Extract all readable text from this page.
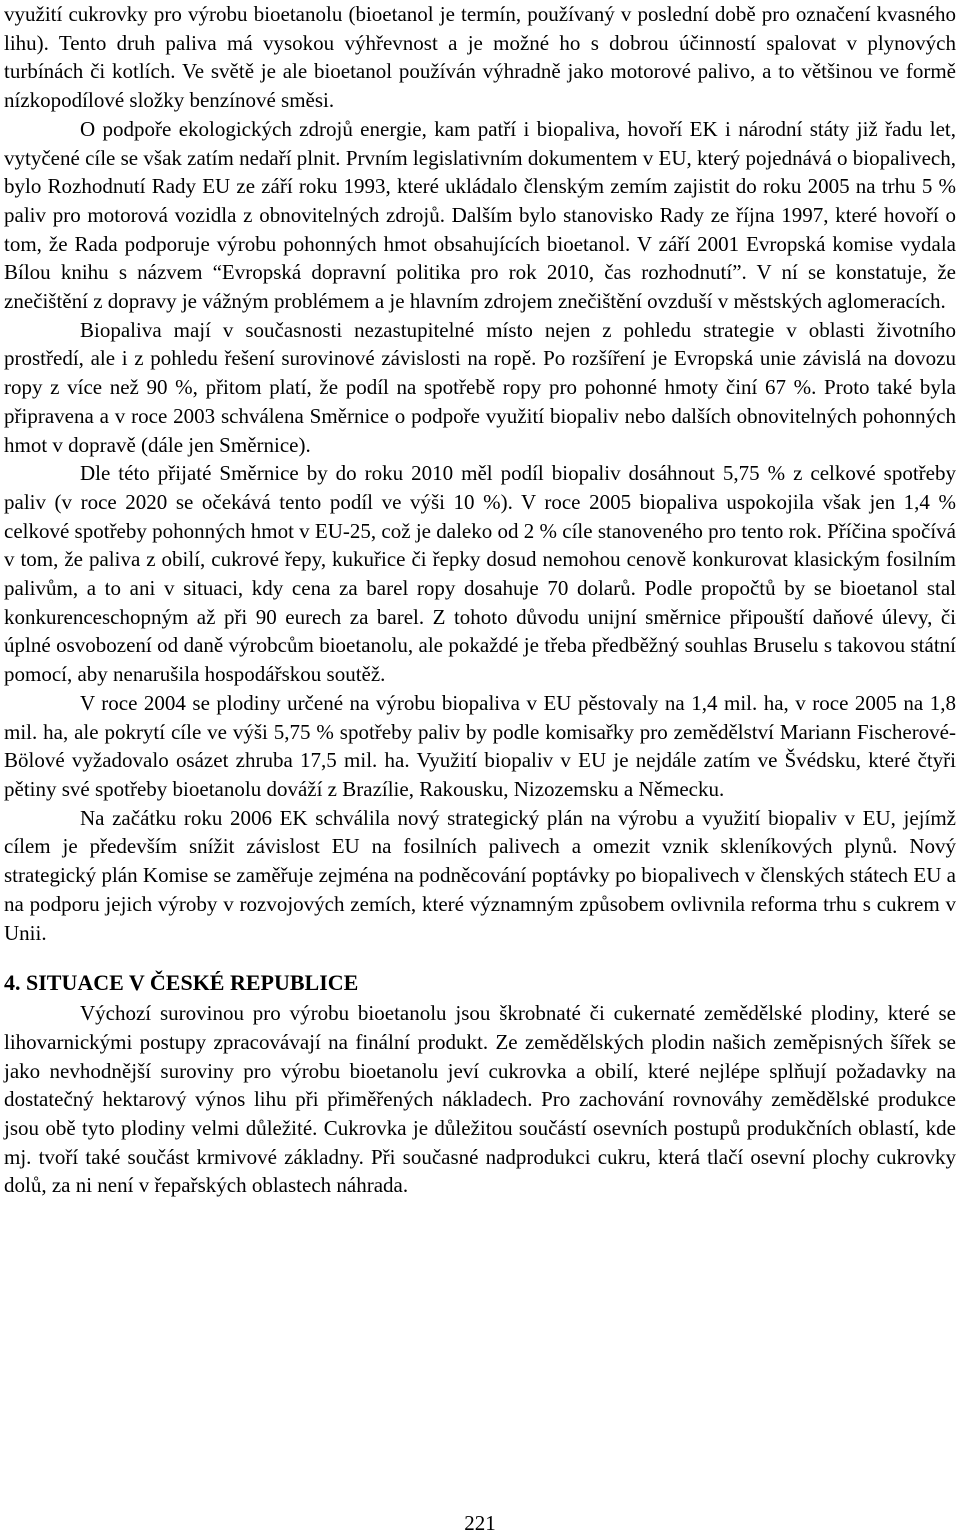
využití cukrovky pro výrobu bioetanolu (bioetanol je termín, používaný v poslední době pro označení kvasného lihu). Tento druh paliva má vysokou výhřevnost a je možné ho s dobrou účinností spalovat v plynových turbínách či kotlích. Ve světě je ale bioetanol používán výhradně jako motorové palivo, a to většinou ve formě nízkopodílové složky benzínové směsi.

O podpoře ekologických zdrojů energie, kam patří i biopaliva, hovoří EK i národní státy již řadu let, vytyčené cíle se však zatím nedaří plnit. Prvním legislativním dokumentem v EU, který pojednává o biopalivech, bylo Rozhodnutí Rady EU ze září roku 1993, které ukládalo členským zemím zajistit do roku 2005 na trhu 5 % paliv pro motorová vozidla z obnovitelných zdrojů. Dalším bylo stanovisko Rady ze října 1997, které hovoří o tom, že Rada podporuje výrobu pohonných hmot obsahujících bioetanol. V září 2001 Evropská komise vydala Bílou knihu s názvem “Evropská dopravní politika pro rok 2010, čas rozhodnutí”. V ní se konstatuje, že znečištění z dopravy je vážným problémem a je hlavním zdrojem znečištění ovzduší v městských aglomeracích.

Biopaliva mají v současnosti nezastupitelné místo nejen z pohledu strategie v oblasti životního prostředí, ale i z pohledu řešení surovinové závislosti na ropě. Po rozšíření je Evropská unie závislá na dovozu ropy z více než 90 %, přitom platí, že podíl na spotřebě ropy pro pohonné hmoty činí 67 %. Proto také byla připravena a v roce 2003 schválena Směrnice o podpoře využití biopaliv nebo dalších obnovitelných pohonných hmot v dopravě (dále jen Směrnice).

Dle této přijaté Směrnice by do roku 2010 měl podíl biopaliv dosáhnout 5,75 % z celkové spotřeby paliv (v roce 2020 se očekává tento podíl ve výši 10 %). V roce 2005 biopaliva uspokojila však jen 1,4 % celkové spotřeby pohonných hmot v EU-25, což je daleko od 2 % cíle stanoveného pro tento rok. Příčina spočívá v tom, že paliva z obilí, cukrové řepy, kukuřice či řepky dosud nemohou cenově konkurovat klasickým fosilním palivům, a to ani v situaci, kdy cena za barel ropy dosahuje 70 dolarů. Podle propočtů by se bioetanol stal konkurenceschopným až při 90 eurech za barel. Z tohoto důvodu unijní směrnice připouští daňové úlevy, či úplné osvobození od daně výrobcům bioetanolu, ale pokaždé je třeba předběžný souhlas Bruselu s takovou státní pomocí, aby nenarušila hospodářskou soutěž.

V roce 2004 se plodiny určené na výrobu biopaliva v EU pěstovaly na 1,4 mil. ha, v roce 2005 na 1,8 mil. ha, ale pokrytí cíle ve výši 5,75 % spotřeby paliv by podle komisařky pro zemědělství Mariann Fischerové-Bölové vyžadovalo osázet zhruba 17,5 mil. ha. Využití biopaliv v EU je nejdále zatím ve Švédsku, které čtyři pětiny své spotřeby bioetanolu dováží z Brazílie, Rakousku, Nizozemsku a Německu.

Na začátku roku 2006 EK schválila nový strategický plán na výrobu a využití biopaliv v EU, jejímž cílem je především snížit závislost EU na fosilních palivech a omezit vznik skleníkových plynů. Nový strategický plán Komise se zaměřuje zejména na podněcování poptávky po biopalivech v členských státech EU a na podporu jejich výroby v rozvojových zemích, které významným způsobem ovlivnila reforma trhu s cukrem v Unii.

4. SITUACE V ČESKÉ REPUBLICE

Výchozí surovinou pro výrobu bioetanolu jsou škrobnaté či cukernaté zemědělské plodiny, které se lihovarnickými postupy zpracovávají na finální produkt. Ze zemědělských plodin našich zeměpisných šířek se jako nevhodnější suroviny pro výrobu bioetanolu jeví cukrovka a obilí, které nejlépe splňují požadavky na dostatečný hektarový výnos lihu při přiměřených nákladech. Pro zachování rovnováhy zemědělské produkce jsou obě tyto plodiny velmi důležité. Cukrovka je důležitou součástí osevních postupů produkčních oblastí, kde mj. tvoří také součást krmivové základny. Při současné nadprodukci cukru, která tlačí osevní plochy cukrovky dolů, za ni není v řepařských oblastech náhrada.

221
